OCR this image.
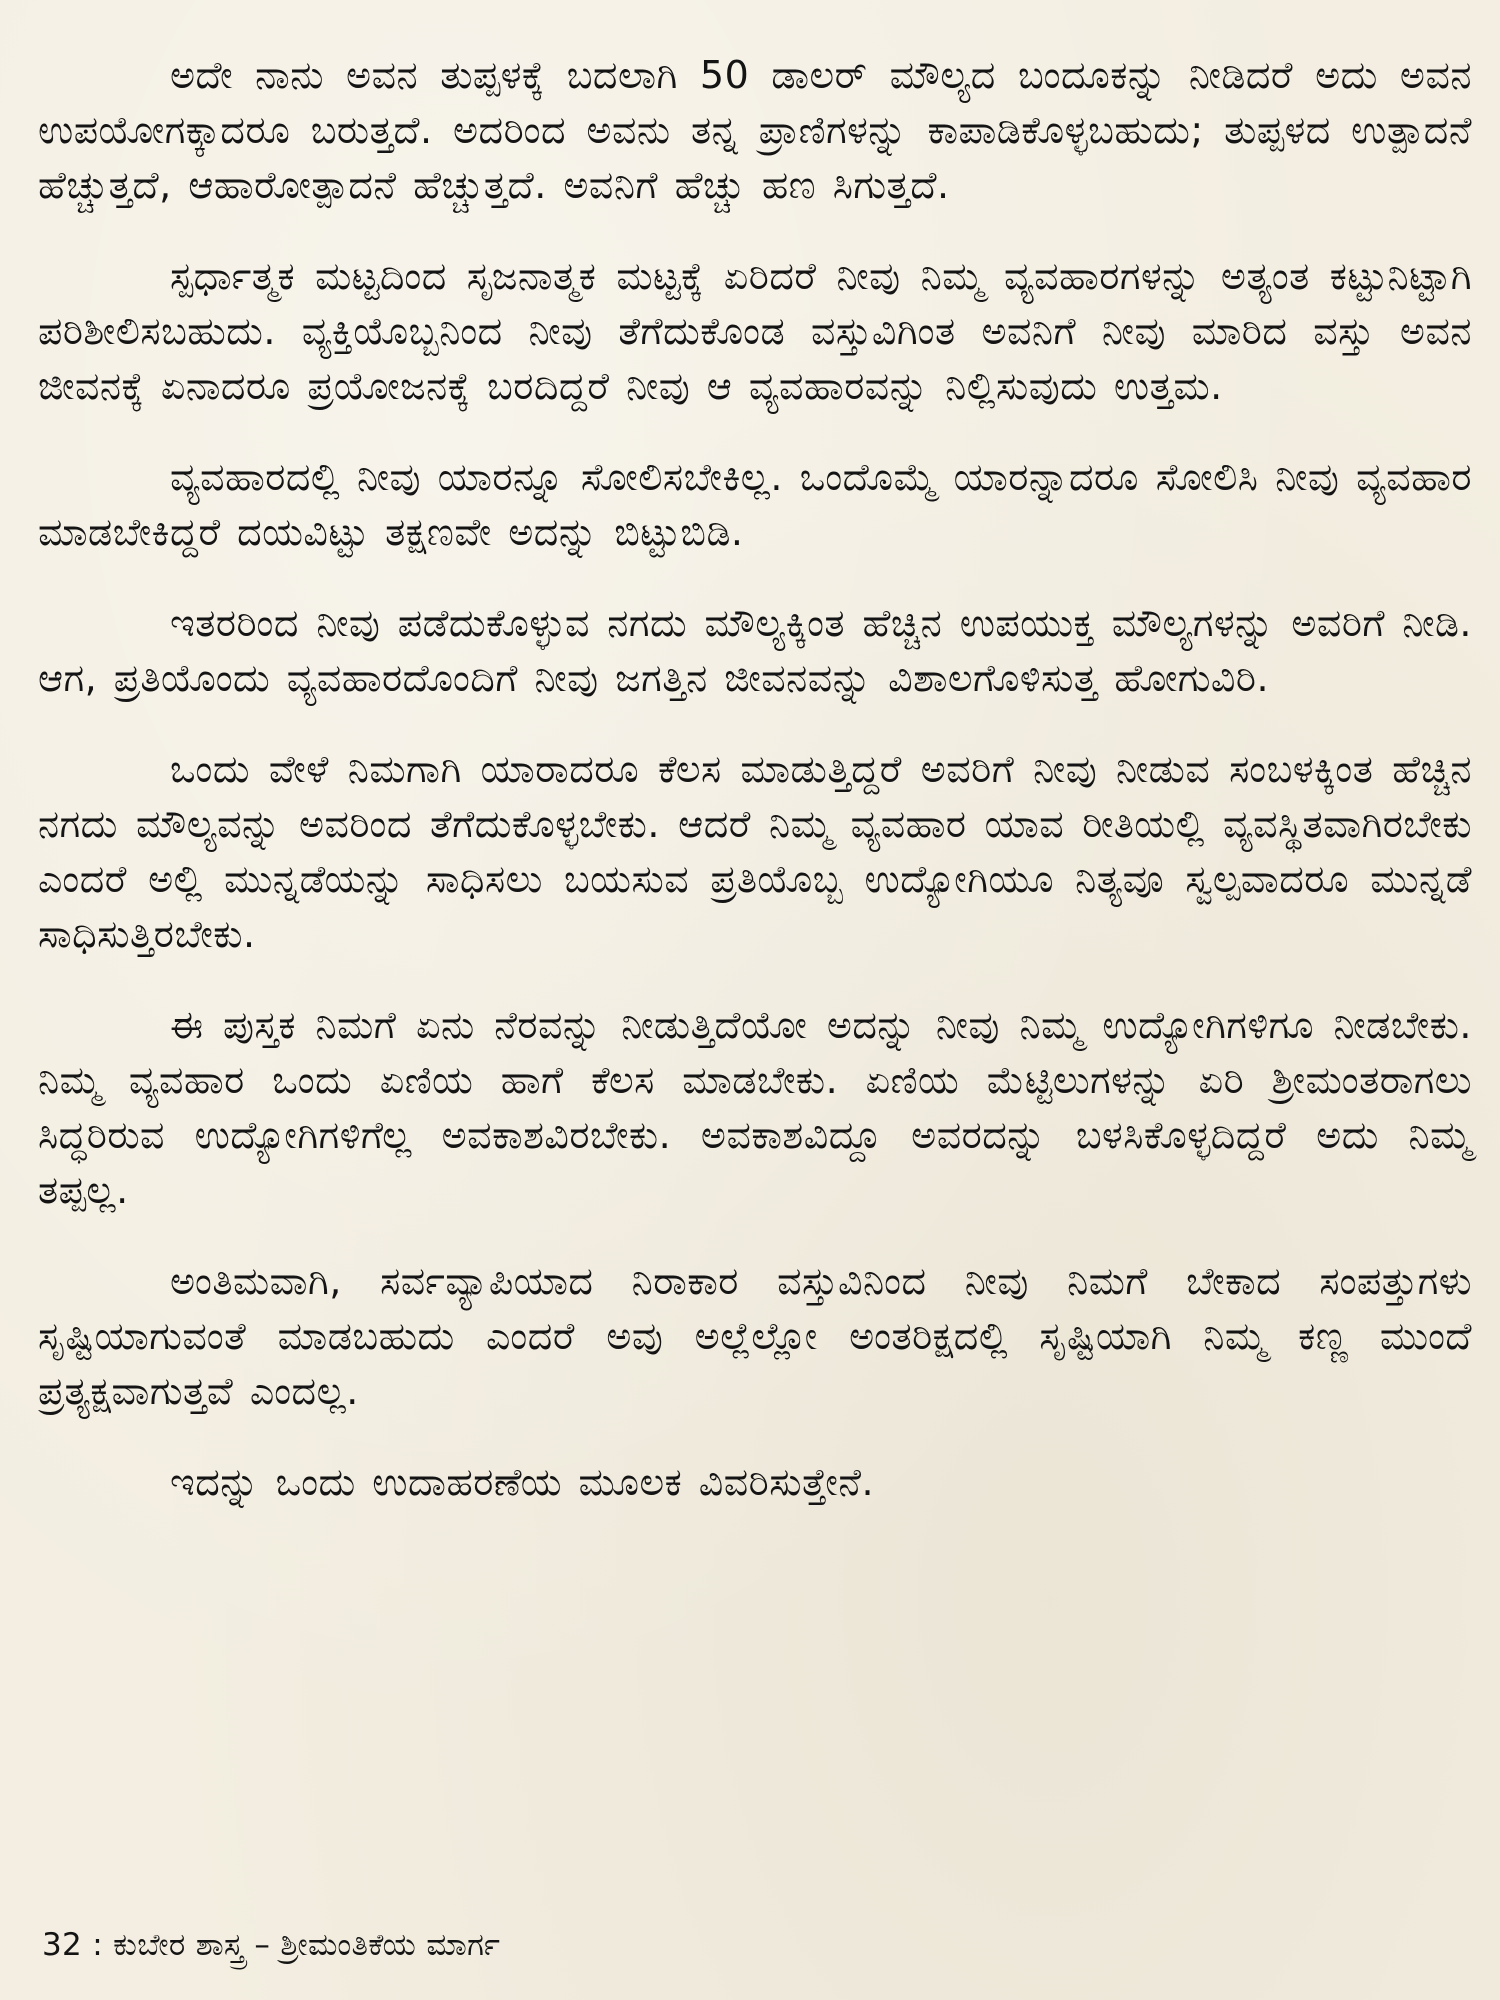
ಅದೇ ನಾನು ಅವನ ತುಪ್ಪಳಕ್ಕೆ ಬದಲಾಗಿ 50 ಡಾಲರ್ ಮೌಲ್ಯದ ಬಂದೂಕನ್ನು ನೀಡಿದರೆ ಅದು ಅವನ ಉಪಯೋಗಕ್ಕಾದರೂ ಬರುತ್ತದೆ. ಅದರಿಂದ ಅವನು ತನ್ನ ಪ್ರಾಣಿಗಳನ್ನು ಕಾಪಾಡಿಕೊಳ್ಳಬಹುದು; ತುಪ್ಪಳದ ಉತ್ಪಾದನೆ ಹೆಚ್ಚುತ್ತದೆ, ಆಹಾರೋತ್ಪಾದನೆ ಹೆಚ್ಚುತ್ತದೆ. ಅವನಿಗೆ ಹೆಚ್ಚು ಹಣ ಸಿಗುತ್ತದೆ.

ಸ್ಪರ್ಧಾತ್ಮಕ ಮಟ್ಟದಿಂದ ಸೃಜನಾತ್ಮಕ ಮಟ್ಟಕ್ಕೆ ಏರಿದರೆ ನೀವು ನಿಮ್ಮ ವ್ಯವಹಾರಗಳನ್ನು ಅತ್ಯಂತ ಕಟ್ಟುನಿಟ್ಟಾಗಿ ಪರಿಶೀಲಿಸಬಹುದು. ವ್ಯಕ್ತಿಯೊಬ್ಬನಿಂದ ನೀವು ತೆಗೆದುಕೊಂಡ ವಸ್ತುವಿಗಿಂತ ಅವನಿಗೆ ನೀವು ಮಾರಿದ ವಸ್ತು ಅವನ ಜೀವನಕ್ಕೆ ಏನಾದರೂ ಪ್ರಯೋಜನಕ್ಕೆ ಬರದಿದ್ದರೆ ನೀವು ಆ ವ್ಯವಹಾರವನ್ನು ನಿಲ್ಲಿಸುವುದು ಉತ್ತಮ.

ವ್ಯವಹಾರದಲ್ಲಿ ನೀವು ಯಾರನ್ನೂ ಸೋಲಿಸಬೇಕಿಲ್ಲ. ಒಂದೊಮ್ಮೆ ಯಾರನ್ನಾದರೂ ಸೋಲಿಸಿ ನೀವು ವ್ಯವಹಾರ ಮಾಡಬೇಕಿದ್ದರೆ ದಯವಿಟ್ಟು ತಕ್ಷಣವೇ ಅದನ್ನು ಬಿಟ್ಟುಬಿಡಿ.

ಇತರರಿಂದ ನೀವು ಪಡೆದುಕೊಳ್ಳುವ ನಗದು ಮೌಲ್ಯಕ್ಕಿಂತ ಹೆಚ್ಚಿನ ಉಪಯುಕ್ತ ಮೌಲ್ಯಗಳನ್ನು ಅವರಿಗೆ ನೀಡಿ. ಆಗ, ಪ್ರತಿಯೊಂದು ವ್ಯವಹಾರದೊಂದಿಗೆ ನೀವು ಜಗತ್ತಿನ ಜೀವನವನ್ನು ವಿಶಾಲಗೊಳಿಸುತ್ತ ಹೋಗುವಿರಿ.

ಒಂದು ವೇಳೆ ನಿಮಗಾಗಿ ಯಾರಾದರೂ ಕೆಲಸ ಮಾಡುತ್ತಿದ್ದರೆ ಅವರಿಗೆ ನೀವು ನೀಡುವ ಸಂಬಳಕ್ಕಿಂತ ಹೆಚ್ಚಿನ ನಗದು ಮೌಲ್ಯವನ್ನು ಅವರಿಂದ ತೆಗೆದುಕೊಳ್ಳಬೇಕು. ಆದರೆ ನಿಮ್ಮ ವ್ಯವಹಾರ ಯಾವ ರೀತಿಯಲ್ಲಿ ವ್ಯವಸ್ಥಿತವಾಗಿರಬೇಕು ಎಂದರೆ ಅಲ್ಲಿ ಮುನ್ನಡೆಯನ್ನು ಸಾಧಿಸಲು ಬಯಸುವ ಪ್ರತಿಯೊಬ್ಬ ಉದ್ಯೋಗಿಯೂ ನಿತ್ಯವೂ ಸ್ವಲ್ಪವಾದರೂ ಮುನ್ನಡೆ ಸಾಧಿಸುತ್ತಿರಬೇಕು.

ಈ ಪುಸ್ತಕ ನಿಮಗೆ ಏನು ನೆರವನ್ನು ನೀಡುತ್ತಿದೆಯೋ ಅದನ್ನು ನೀವು ನಿಮ್ಮ ಉದ್ಯೋಗಿಗಳಿಗೂ ನೀಡಬೇಕು. ನಿಮ್ಮ ವ್ಯವಹಾರ ಒಂದು ಏಣಿಯ ಹಾಗೆ ಕೆಲಸ ಮಾಡಬೇಕು. ಏಣಿಯ ಮೆಟ್ಟಿಲುಗಳನ್ನು ಏರಿ ಶ್ರೀಮಂತರಾಗಲು ಸಿದ್ಧರಿರುವ ಉದ್ಯೋಗಿಗಳಿಗೆಲ್ಲ ಅವಕಾಶವಿರಬೇಕು. ಅವಕಾಶವಿದ್ದೂ ಅವರದನ್ನು ಬಳಸಿಕೊಳ್ಳದಿದ್ದರೆ ಅದು ನಿಮ್ಮ ತಪ್ಪಲ್ಲ.

ಅಂತಿಮವಾಗಿ, ಸರ್ವವ್ಯಾಪಿಯಾದ ನಿರಾಕಾರ ವಸ್ತುವಿನಿಂದ ನೀವು ನಿಮಗೆ ಬೇಕಾದ ಸಂಪತ್ತುಗಳು ಸೃಷ್ಟಿಯಾಗುವಂತೆ ಮಾಡಬಹುದು ಎಂದರೆ ಅವು ಅಲ್ಲೆಲ್ಲೋ ಅಂತರಿಕ್ಷದಲ್ಲಿ ಸೃಷ್ಟಿಯಾಗಿ ನಿಮ್ಮ ಕಣ್ಣ ಮುಂದೆ ಪ್ರತ್ಯಕ್ಷವಾಗುತ್ತವೆ ಎಂದಲ್ಲ.

ಇದನ್ನು ಒಂದು ಉದಾಹರಣೆಯ ಮೂಲಕ ವಿವರಿಸುತ್ತೇನೆ.

32 : ಕುಬೇರ ಶಾಸ್ತ್ರ – ಶ್ರೀಮಂತಿಕೆಯ ಮಾರ್ಗ
